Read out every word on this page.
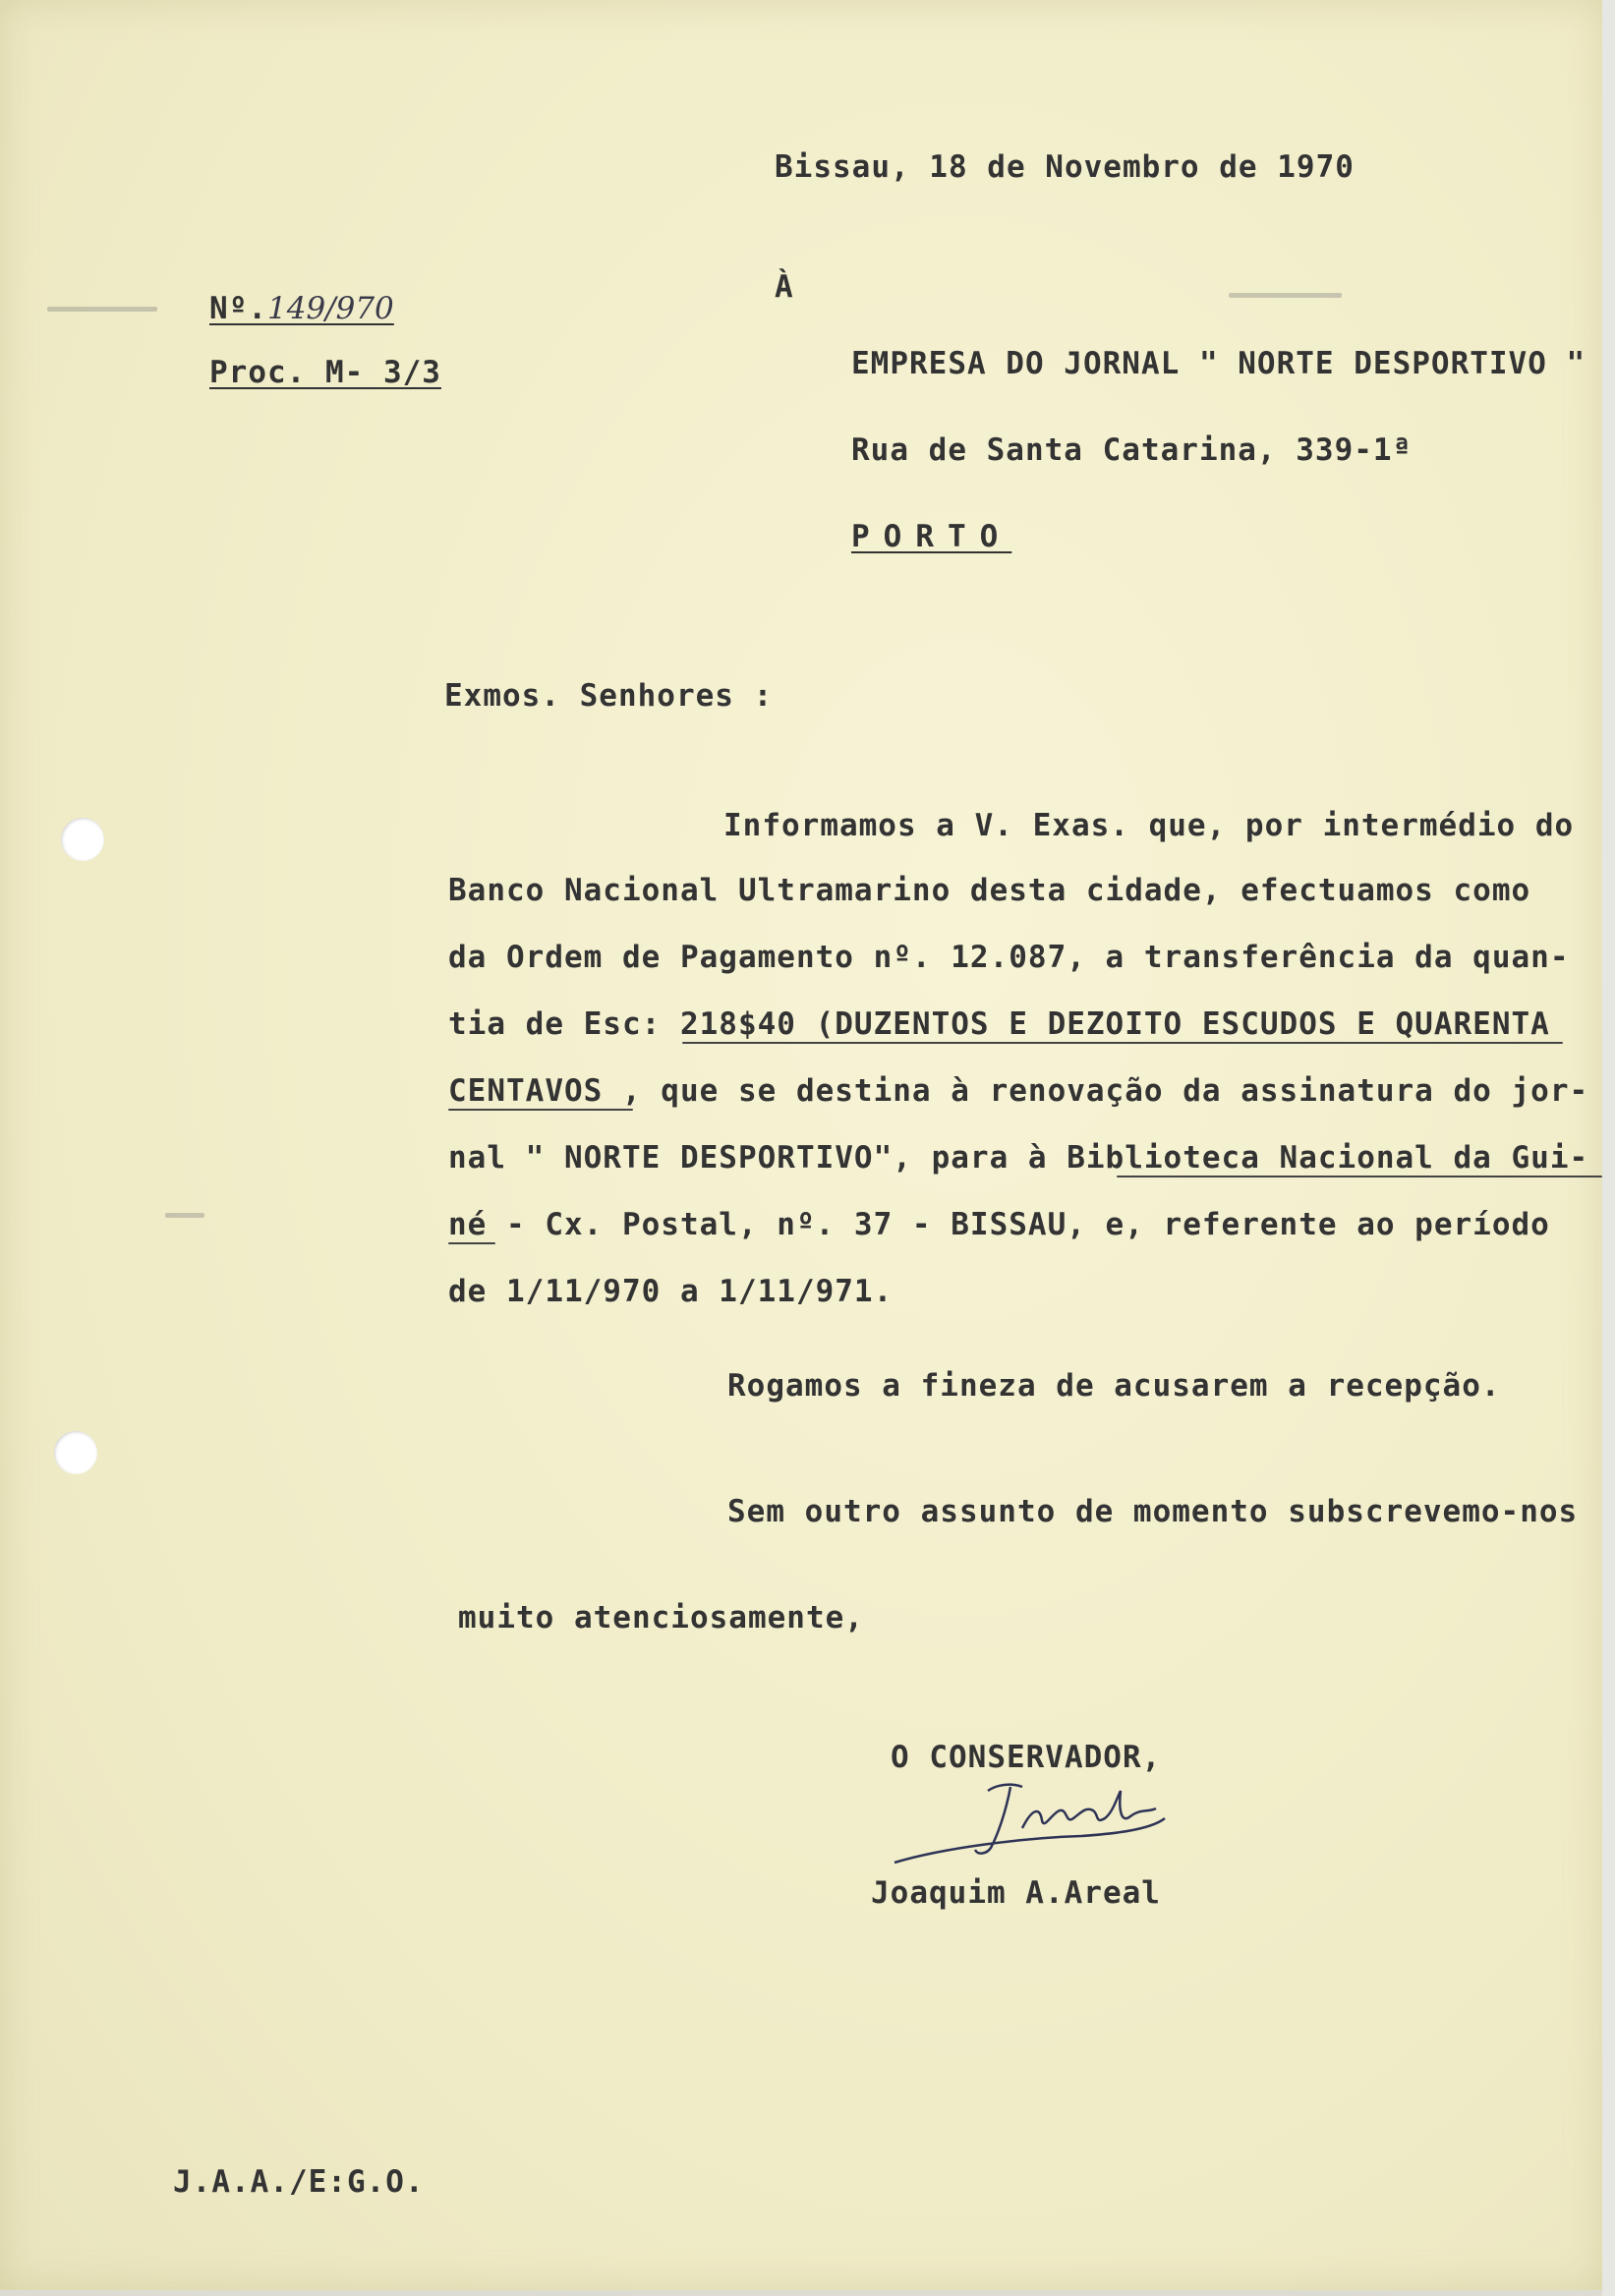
Bissau, 18 de Novembro de 1970
À
Nº.149/970
Proc. M- 3/3	EMPRESA DO JORNAL " NORTE DESPORTIVO "
Rua de Santa Catarina, 339-1ª
PORTO
Exmos. Senhores :
Informamos a V. Exas. que, por intermédio do
Banco Nacional Ultramarino desta cidade, efectuamos como
da Ordem de Pagamento nº. 12.087, a transferência da quan-
tia de Esc: 218$40 (DUZENTOS E DEZOITO ESCUDOS E QUARENTA
CENTAVOS , que se destina à renovação da assinatura do jor-
nal " NORTE DESPORTIVO", para à Biblioteca Nacional da Gui-
né - Cx. Postal, nº. 37 - BISSAU, e, referente ao período
de 1/11/970 a 1/11/971.
Rogamos a fineza de acusarem a recepção.
Sem outro assunto de momento subscrevemo-nos
muito atenciosamente,
O CONSERVADOR,
Joaquim A.Areal
J.A.A./E:G.O.
